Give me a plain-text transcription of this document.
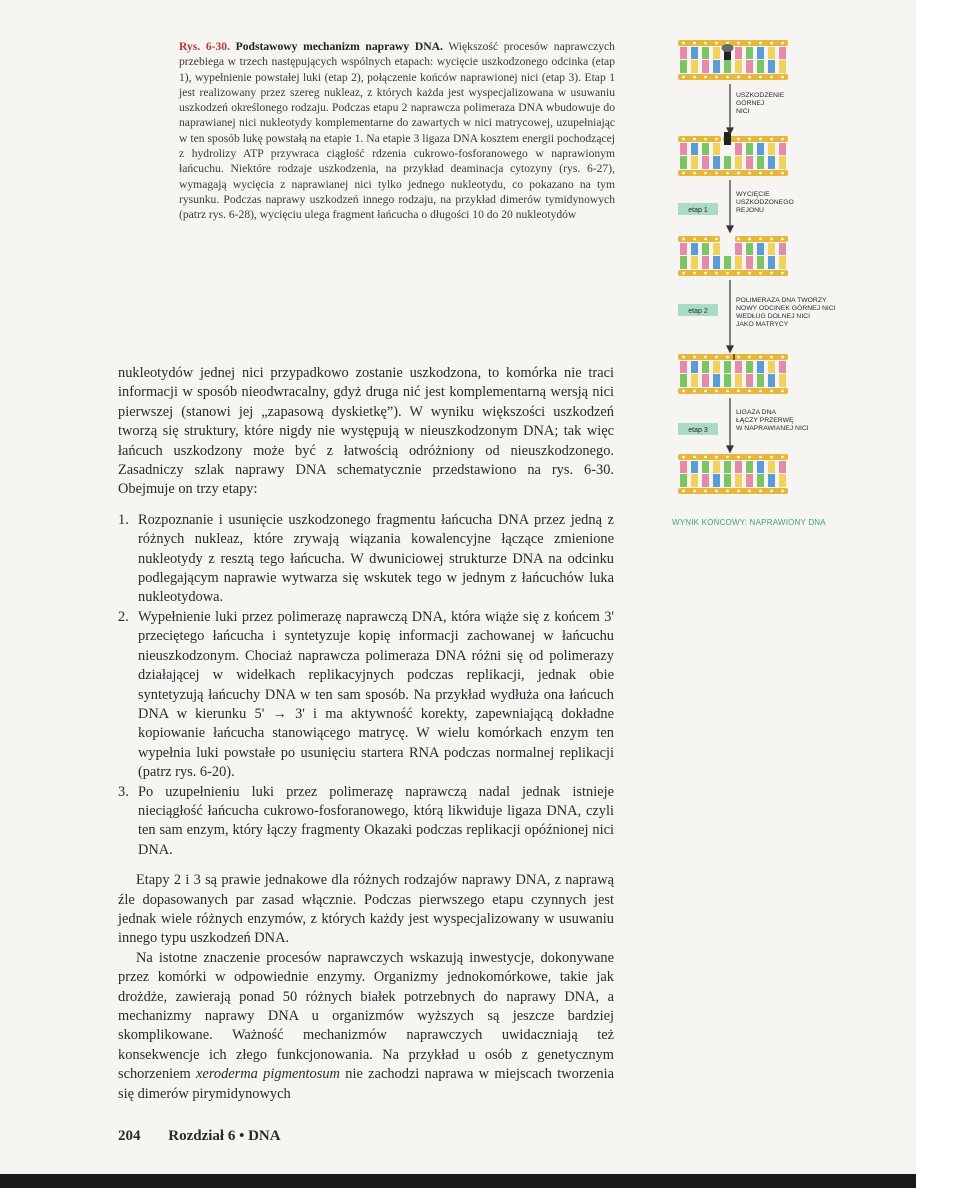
Rys. 6-30. Podstawowy mechanizm naprawy DNA. Większość procesów naprawczych przebiega w trzech następujących wspólnych etapach: wycięcie uszkodzonego odcinka (etap 1), wypełnienie powstałej luki (etap 2), połączenie końców naprawionej nici (etap 3). Etap 1 jest realizowany przez szereg nukleaz, z których każda jest wyspecjalizowana w usuwaniu uszkodzeń określonego rodzaju. Podczas etapu 2 naprawcza polimeraza DNA wbudowuje do naprawianej nici nukleotydy komplementarne do zawartych w nici matrycowej, uzupełniając w ten sposób lukę powstałą na etapie 1. Na etapie 3 ligaza DNA kosztem energii pochodzącej z hydrolizy ATP przywraca ciągłość rdzenia cukrowo-fosforanowego w naprawionym łańcuchu. Niektóre rodzaje uszkodzenia, na przykład deaminacja cytozyny (rys. 6-27), wymagają wycięcia z naprawianej nici tylko jednego nukleotydu, co pokazano na tym rysunku. Podczas naprawy uszkodzeń innego rodzaju, na przykład dimerów tymidynowych (patrz rys. 6-28), wycięciu ulega fragment łańcucha o długości 10 do 20 nukleotydów
USZKODZENIE GÓRNEJ NICI
WYCIĘCIE USZKODZONEGO REJONU
POLIMERAZA DNA TWORZY NOWY ODCINEK GÓRNEJ NICI WEDŁUG DOLNEJ NICI JAKO MATRYCY
LIGAZA DNA ŁĄCZY PRZERWĘ W NAPRAWIANEJ NICI
etap 1
etap 2
etap 3
WYNIK KOŃCOWY: NAPRAWIONY DNA

nukleotydów jednej nici przypadkowo zostanie uszkodzona, to komórka nie traci informacji w sposób nieodwracalny, gdyż druga nić jest komplementarną wersją nici pierwszej (stanowi jej „zapasową dyskietkę”). W wyniku większości uszkodzeń tworzą się struktury, które nigdy nie występują w nieuszkodzonym DNA; tak więc łańcuch uszkodzony może być z łatwością odróżniony od nieuszkodzonego. Zasadniczy szlak naprawy DNA schematycznie przedstawiono na rys. 6-30. Obejmuje on trzy etapy:

1. Rozpoznanie i usunięcie uszkodzonego fragmentu łańcucha DNA przez jedną z różnych nukleaz, które zrywają wiązania kowalencyjne łączące zmienione nukleotydy z resztą tego łańcucha. W dwuniciowej strukturze DNA na odcinku podlegającym naprawie wytwarza się wskutek tego w jednym z łańcuchów luka nukleotydowa.
2. Wypełnienie luki przez polimerazę naprawczą DNA, która wiąże się z końcem 3' przeciętego łańcucha i syntetyzuje kopię informacji zachowanej w łańcuchu nieuszkodzonym. Chociaż naprawcza polimeraza DNA różni się od polimerazy działającej w widełkach replikacyjnych podczas replikacji, jednak obie syntetyzują łańcuchy DNA w ten sam sposób. Na przykład wydłuża ona łańcuch DNA w kierunku 5' → 3' i ma aktywność korekty, zapewniającą dokładne kopiowanie łańcucha stanowiącego matrycę. W wielu komórkach enzym ten wypełnia luki powstałe po usunięciu startera RNA podczas normalnej replikacji (patrz rys. 6-20).
3. Po uzupełnieniu luki przez polimerazę naprawczą nadal jednak istnieje nieciągłość łańcucha cukrowo-fosforanowego, którą likwiduje ligaza DNA, czyli ten sam enzym, który łączy fragmenty Okazaki podczas replikacji opóźnionej nici DNA.

Etapy 2 i 3 są prawie jednakowe dla różnych rodzajów naprawy DNA, z naprawą źle dopasowanych par zasad włącznie. Podczas pierwszego etapu czynnych jest jednak wiele różnych enzymów, z których każdy jest wyspecjalizowany w usuwaniu innego typu uszkodzeń DNA.

Na istotne znaczenie procesów naprawczych wskazują inwestycje, dokonywane przez komórki w odpowiednie enzymy. Organizmy jednokomórkowe, takie jak drożdże, zawierają ponad 50 różnych białek potrzebnych do naprawy DNA, a mechanizmy naprawy DNA u organizmów wyższych są jeszcze bardziej skomplikowane. Ważność mechanizmów naprawczych uwidaczniają też konsekwencje ich złego funkcjonowania. Na przykład u osób z genetycznym schorzeniem xeroderma pigmentosum nie zachodzi naprawa w miejscach tworzenia się dimerów pirymidynowych

204 Rozdział 6 • DNA
